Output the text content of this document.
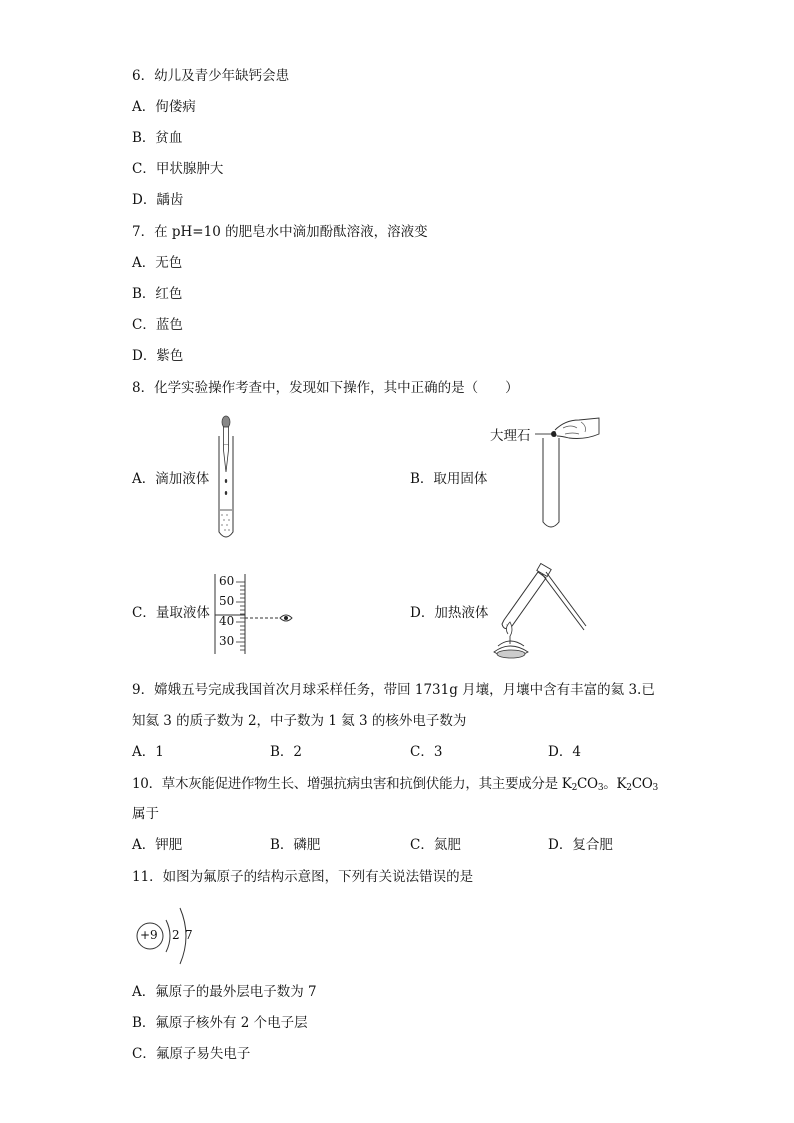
6．幼儿及青少年缺钙会患
A．佝偻病
B．贫血
C．甲状腺肿大
D．龋齿
7．在 pH=10 的肥皂水中滴加酚酞溶液，溶液变
A．无色
B．红色
C．蓝色
D．紫色
8．化学实验操作考查中，发现如下操作，其中正确的是（　　）
A．滴加液体	B．取用固体
大理石
C．量取液体
60
50
40
30
D．加热液体
9．嫦娥五号完成我国首次月球采样任务，带回 1731g 月壤，月壤中含有丰富的氦 3.已
知氦 3 的质子数为 2，中子数为 1 氦 3 的核外电子数为
A．1	B．2	C．3	D．4
10．草木灰能促进作物生长、增强抗病虫害和抗倒伏能力，其主要成分是 $K_2CO_3$。$K_2CO_3$
属于
A．钾肥	B．磷肥	C．氮肥	D．复合肥
11．如图为氟原子的结构示意图，下列有关说法错误的是
+9 2 7
A．氟原子的最外层电子数为 7
B．氟原子核外有 2 个电子层
C．氟原子易失电子
